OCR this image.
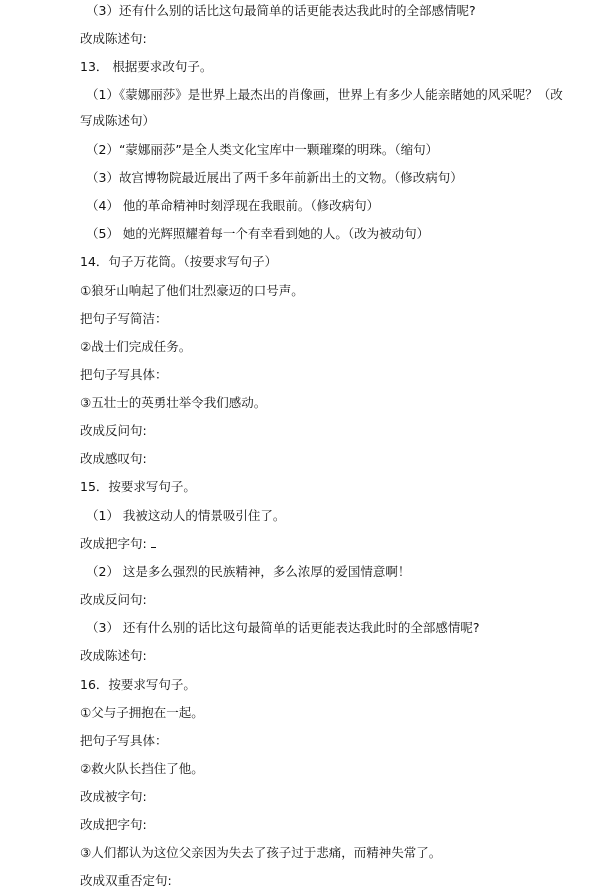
（3）还有什么别的话比这句最简单的话更能表达我此时的全部感情呢?
改成陈述句:
13． 根据要求改句子。
（1）《蒙娜丽莎》是世界上最杰出的肖像画，世界上有多少人能亲睹她的风采呢？（改
写成陈述句）
（2）“蒙娜丽莎”是全人类文化宝库中一颗璀璨的明珠。（缩句）
（3）故宫博物院最近展出了两千多年前新出土的文物。（修改病句）
（4） 他的革命精神时刻浮现在我眼前。（修改病句）
（5） 她的光辉照耀着每一个有幸看到她的人。（改为被动句）
14．句子万花筒。（按要求写句子）
①狼牙山响起了他们壮烈豪迈的口号声。
把句子写简洁：
②战士们完成任务。
把句子写具体：
③五壮士的英勇壮举令我们感动。
改成反问句:
改成感叹句:
15．按要求写句子。
（1） 我被这动人的情景吸引住了。
改成把字句:
（2） 这是多么强烈的民族精神，多么浓厚的爱国情意啊！
改成反问句:
（3） 还有什么别的话比这句最简单的话更能表达我此时的全部感情呢?
改成陈述句:
16．按要求写句子。
①父与子拥抱在一起。
把句子写具体：
②救火队长挡住了他。
改成被字句:
改成把字句:
③人们都认为这位父亲因为失去了孩子过于悲痛，而精神失常了。
改成双重否定句:
